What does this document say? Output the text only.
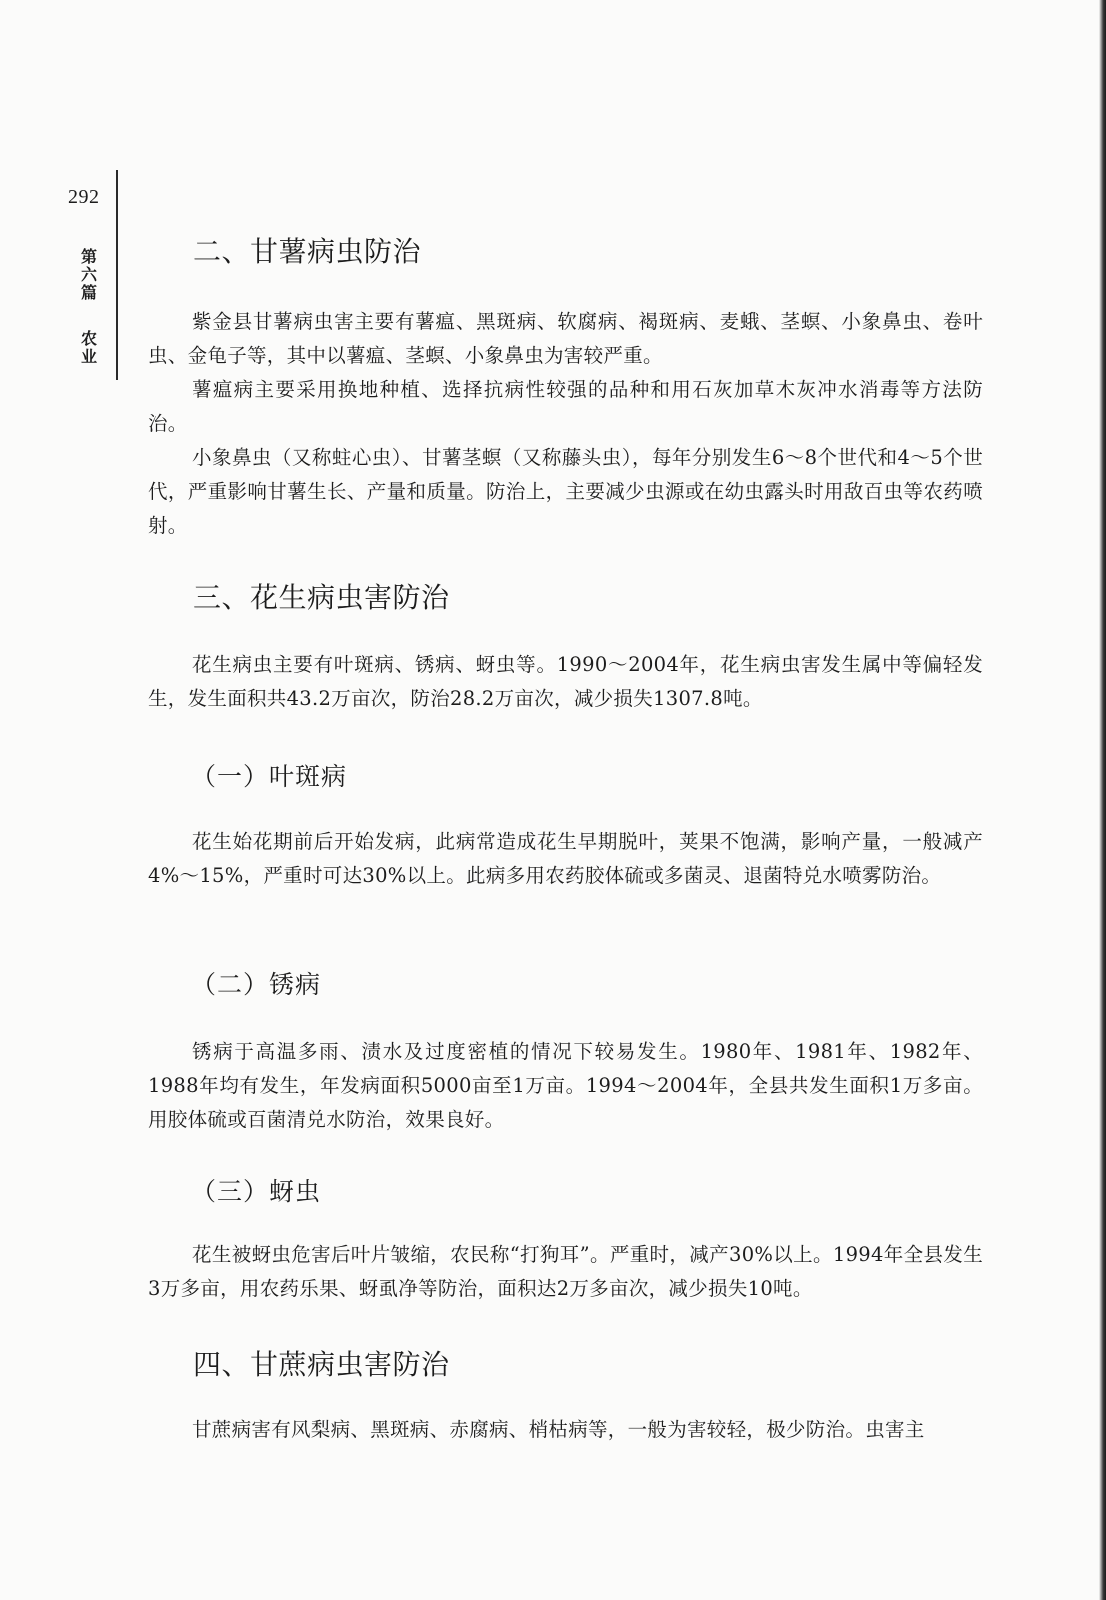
292
第六篇
农业
二、甘薯病虫防治

紫金县甘薯病虫害主要有薯瘟、黑斑病、软腐病、褐斑病、麦蛾、茎螟、小象鼻虫、卷叶虫、金龟子等，其中以薯瘟、茎螟、小象鼻虫为害较严重。

薯瘟病主要采用换地种植、选择抗病性较强的品种和用石灰加草木灰冲水消毒等方法防治。

小象鼻虫（又称蛀心虫）、甘薯茎螟（又称藤头虫），每年分别发生6～8个世代和4～5个世代，严重影响甘薯生长、产量和质量。防治上，主要减少虫源或在幼虫露头时用敌百虫等农药喷射。

三、花生病虫害防治

花生病虫主要有叶斑病、锈病、蚜虫等。1990～2004年，花生病虫害发生属中等偏轻发生，发生面积共43.2万亩次，防治28.2万亩次，减少损失1307.8吨。

（一）叶斑病

花生始花期前后开始发病，此病常造成花生早期脱叶，荚果不饱满，影响产量，一般减产4%～15%，严重时可达30%以上。此病多用农药胶体硫或多菌灵、退菌特兑水喷雾防治。

（二）锈病

锈病于高温多雨、渍水及过度密植的情况下较易发生。1980年、1981年、1982年、1988年均有发生，年发病面积5000亩至1万亩。1994～2004年，全县共发生面积1万多亩。用胶体硫或百菌清兑水防治，效果良好。

（三）蚜虫

花生被蚜虫危害后叶片皱缩，农民称“打狗耳”。严重时，减产30%以上。1994年全县发生3万多亩，用农药乐果、蚜虱净等防治，面积达2万多亩次，减少损失10吨。

四、甘蔗病虫害防治

甘蔗病害有风梨病、黑斑病、赤腐病、梢枯病等，一般为害较轻，极少防治。虫害主
